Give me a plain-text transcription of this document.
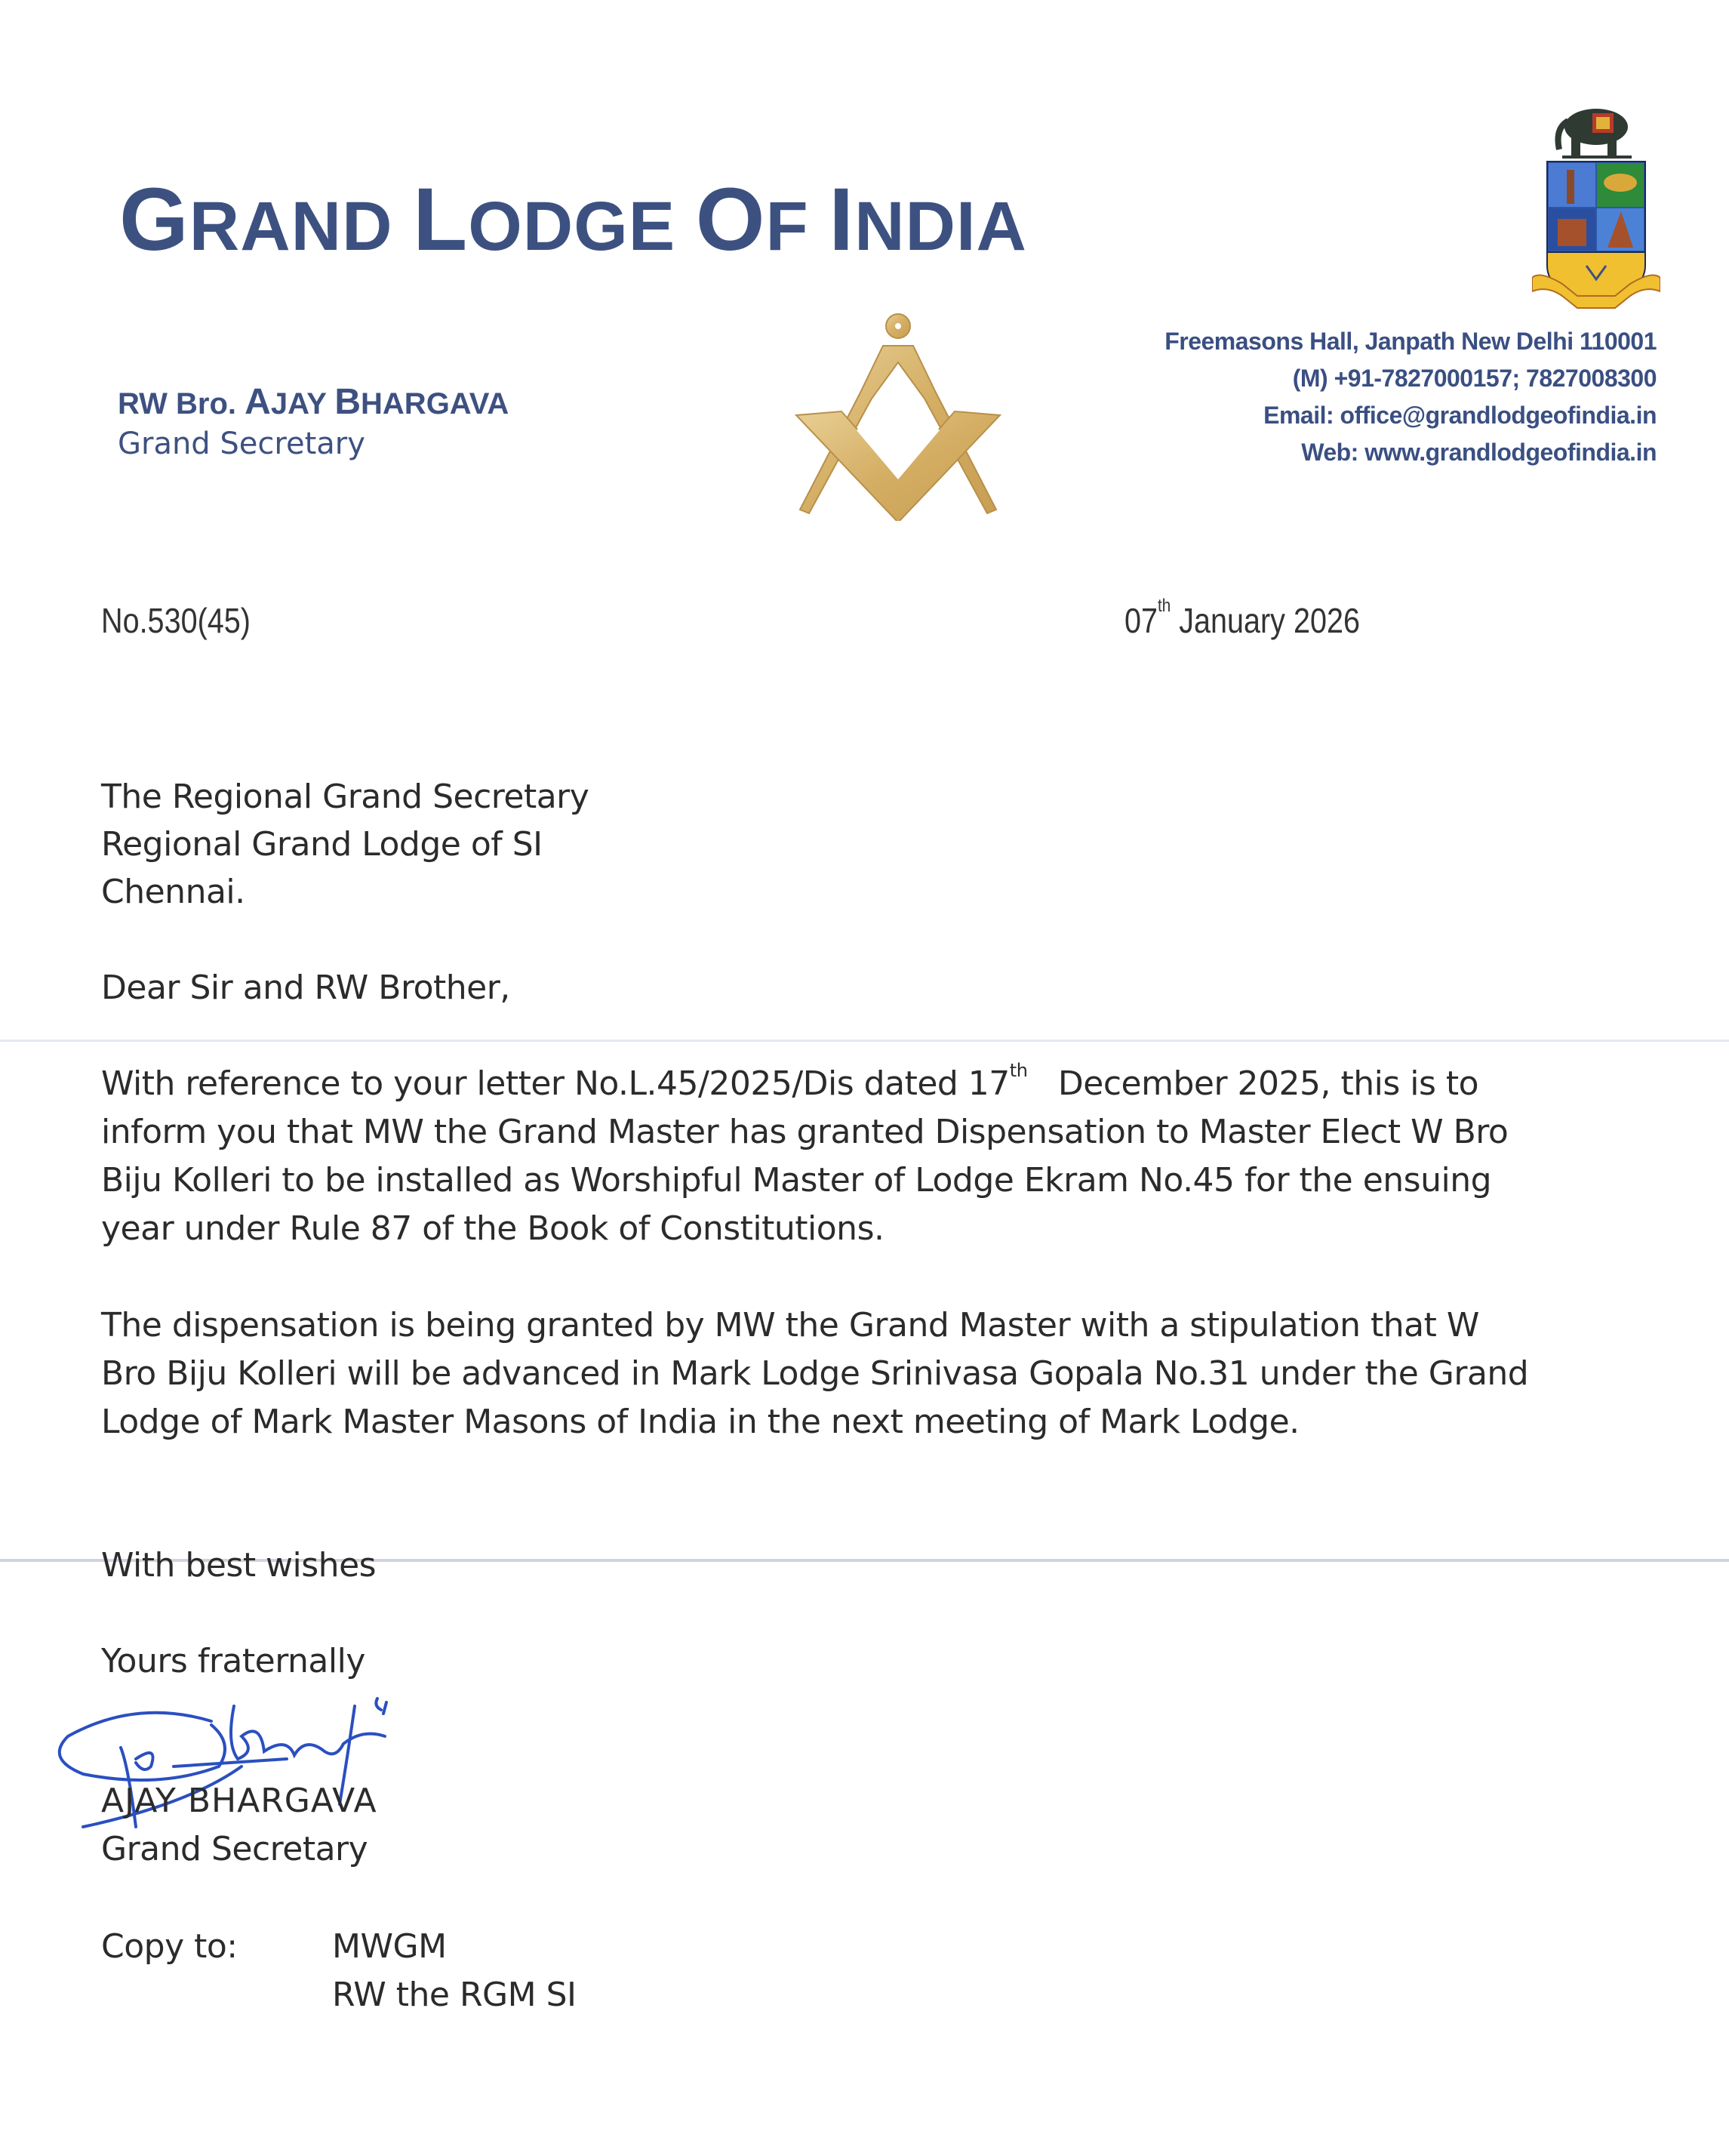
GRAND LODGE OF INDIA
RW Bro. AJAY BHARGAVA
Grand Secretary
Freemasons Hall, Janpath New Delhi 110001
(M) +91-7827000157; 7827008300
Email: office@grandlodgeofindia.in
Web: www.grandlodgeofindia.in
No.530(45)	07th January 2026
The Regional Grand Secretary
Regional Grand Lodge of SI
Chennai.
Dear Sir and RW Brother,
With reference to your letter No.L.45/2025/Dis dated 17th   December 2025, this is to
inform you that MW the Grand Master has granted Dispensation to Master Elect W Bro
Biju Kolleri to be installed as Worshipful Master of Lodge Ekram No.45 for the ensuing
year under Rule 87 of the Book of Constitutions.
The dispensation is being granted by MW the Grand Master with a stipulation that W
Bro Biju Kolleri will be advanced in Mark Lodge Srinivasa Gopala No.31 under the Grand
Lodge of Mark Master Masons of India in the next meeting of Mark Lodge.
With best wishes
Yours fraternally
AJAY BHARGAVA
Grand Secretary
Copy to:	MWGM
RW the RGM SI
